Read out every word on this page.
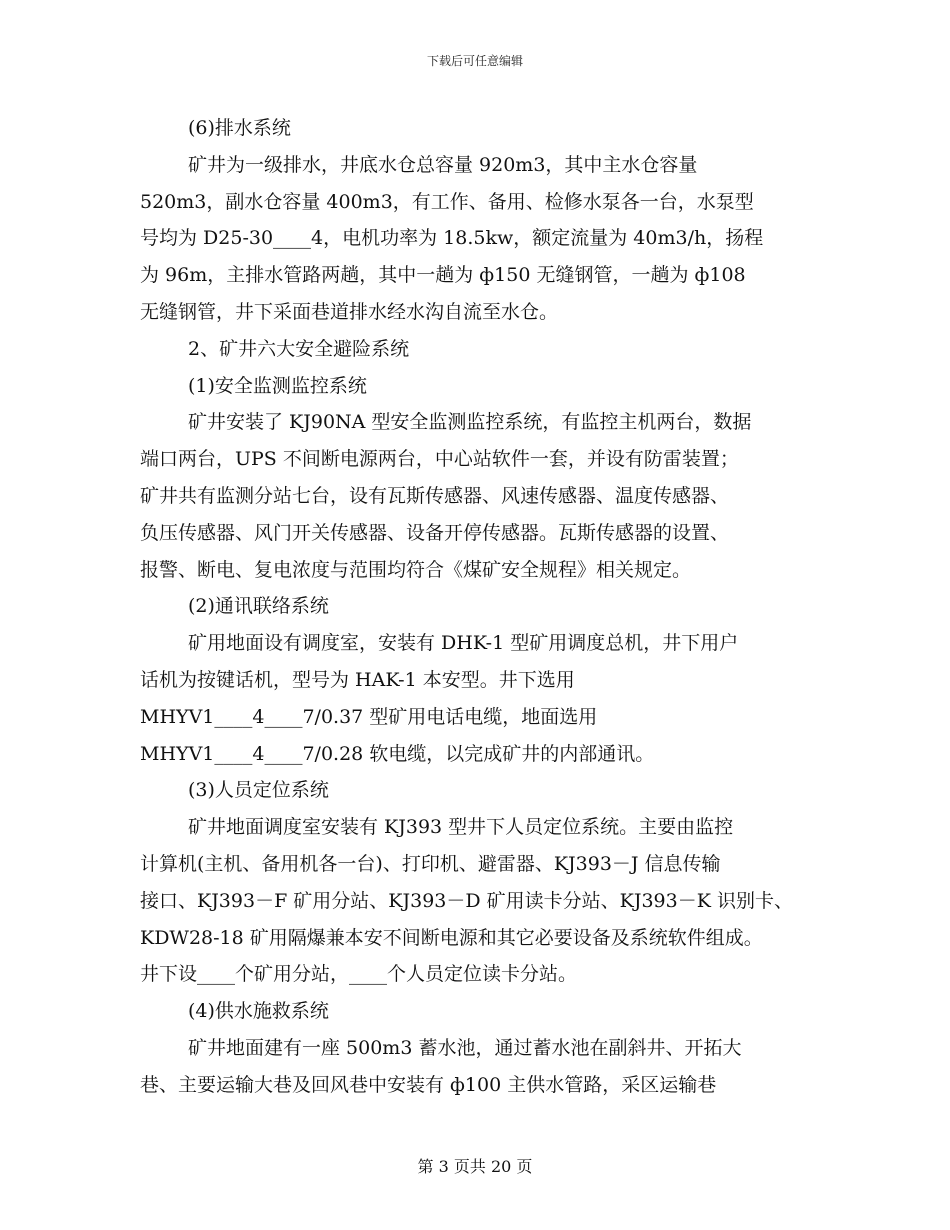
下载后可任意编辑
(6)排水系统
矿井为一级排水，井底水仓总容量 920m3，其中主水仓容量
520m3，副水仓容量 400m3，有工作、备用、检修水泵各一台，水泵型
号均为 D25-30____4，电机功率为 18.5kw，额定流量为 40m3/h，扬程
为 96m，主排水管路两趟，其中一趟为 ф150 无缝钢管，一趟为 ф108
无缝钢管，井下采面巷道排水经水沟自流至水仓。
2、矿井六大安全避险系统
(1)安全监测监控系统
矿井安装了 KJ90NA 型安全监测监控系统，有监控主机两台，数据
端口两台，UPS 不间断电源两台，中心站软件一套，并设有防雷装置；
矿井共有监测分站七台，设有瓦斯传感器、风速传感器、温度传感器、
负压传感器、风门开关传感器、设备开停传感器。瓦斯传感器的设置、
报警、断电、复电浓度与范围均符合《煤矿安全规程》相关规定。
(2)通讯联络系统
矿用地面设有调度室，安装有 DHK-1 型矿用调度总机，井下用户
话机为按键话机，型号为 HAK-1 本安型。井下选用
MHYV1____4____7/0.37 型矿用电话电缆，地面选用
MHYV1____4____7/0.28 软电缆，以完成矿井的内部通讯。
(3)人员定位系统
矿井地面调度室安装有 KJ393 型井下人员定位系统。主要由监控
计算机(主机、备用机各一台)、打印机、避雷器、KJ393－J 信息传输
接口、KJ393－F 矿用分站、KJ393－D 矿用读卡分站、KJ393－K 识别卡、
KDW28-18 矿用隔爆兼本安不间断电源和其它必要设备及系统软件组成。
井下设____个矿用分站，____个人员定位读卡分站。
(4)供水施救系统
矿井地面建有一座 500m3 蓄水池，通过蓄水池在副斜井、开拓大
巷、主要运输大巷及回风巷中安装有 ф100 主供水管路，采区运输巷
第 3 页共 20 页
